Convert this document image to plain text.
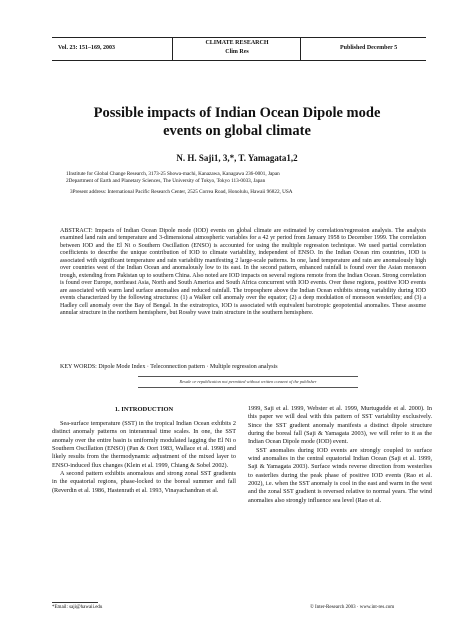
Vol. 23: 151–169, 2003
CLIMATE RESEARCH
Clim Res
Published December 5
Possible impacts of Indian Ocean Dipole mode
events on global climate
N. H. Saji1, 3,*, T. Yamagata1,2
1Institute for Global Change Research, 3173-25 Showa-machi, Kanazawa, Kanagawa 236-0001, Japan
2Department of Earth and Planetary Sciences, The University of Tokyo, Tokyo 113-0033, Japan
3Present address: International Pacific Research Center, 2525 Correa Road, Honolulu, Hawaii 96822, USA
ABSTRACT: Impacts of Indian Ocean Dipole mode (IOD) events on global climate are estimated by correlation/regression analysis. The analysis examined land rain and temperature and 3-dimensional atmospheric variables for a 42 yr period from January 1958 to December 1999. The correlation between IOD and the El Ni o Southern Oscillation (ENSO) is accounted for using the multiple regression technique. We used partial correlation coefficients to describe the unique contribution of IOD to climate variability, independent of ENSO. In the Indian Ocean rim countries, IOD is associated with significant temperature and rain variability manifesting 2 large-scale patterns. In one, land temperature and rain are anomalously high over countries west of the Indian Ocean and anomalously low to its east. In the second pattern, enhanced rainfall is found over the Asian monsoon trough, extending from Pakistan up to southern China. Also noted are IOD impacts on several regions remote from the Indian Ocean. Strong correlation is found over Europe, northeast Asia, North and South America and South Africa concurrent with IOD events. Over these regions, positive IOD events are associated with warm land surface anomalies and reduced rainfall. The troposphere above the Indian Ocean exhibits strong variability during IOD events characterized by the following structures: (1) a Walker cell anomaly over the equator; (2) a deep modulation of monsoon westerlies; and (3) a Hadley cell anomaly over the Bay of Bengal. In the extratropics, IOD is associated with equivalent barotropic geopotential anomalies. These assume annular structure in the northern hemisphere, but Rossby wave train structure in the southern hemisphere.
KEY WORDS: Dipole Mode Index · Teleconnection pattern · Multiple regression analysis
Resale or republication not permitted without written consent of the publisher
1. INTRODUCTION

Sea-surface temperature (SST) in the tropical Indian Ocean exhibits 2 distinct anomaly patterns on interannual time scales. In one, the SST anomaly over the entire basin is uniformly modulated lagging the El Ni o Southern Oscillation (ENSO) (Pan & Oort 1983, Wallace et al. 1998) and likely results from the thermodynamic adjustment of the mixed layer to ENSO-induced flux changes (Klein et al. 1999, Chiang & Sobel 2002).

A second pattern exhibits anomalous and strong zonal SST gradients in the equatorial regions, phase-locked to the boreal summer and fall (Reverdin et al. 1986, Hastenrath et al. 1993, Vinayachandran et al.

1999, Saji et al. 1999, Webster et al. 1999, Murtugudde et al. 2000). In this paper we will deal with this pattern of SST variability exclusively. Since the SST gradient anomaly manifests a distinct dipole structure during the boreal fall (Saji & Yamagata 2003), we will refer to it as the Indian Ocean Dipole mode (IOD) event.

SST anomalies during IOD events are strongly coupled to surface wind anomalies in the central equatorial Indian Ocean (Saji et al. 1999, Saji & Yamagata 2003). Surface winds reverse direction from westerlies to easterlies during the peak phase of positive IOD events (Rao et al. 2002), i.e. when the SST anomaly is cool in the east and warm in the west and the zonal SST gradient is reversed relative to normal years. The wind anomalies also strongly influence sea level (Rao et al.

*Email: saji@hawaii.edu	© Inter-Research 2003 · www.int-res.com
